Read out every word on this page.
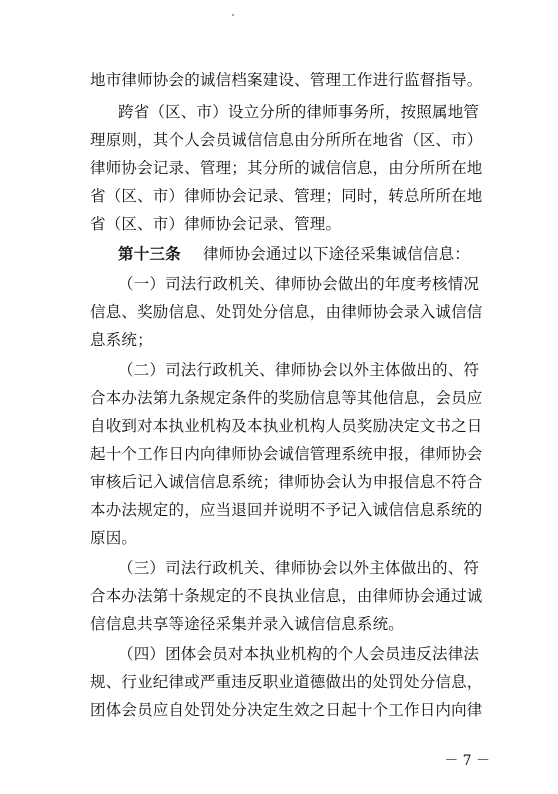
地市律师协会的诚信档案建设、管理工作进行监督指导。
跨省（区、市）设立分所的律师事务所，按照属地管
理原则，其个人会员诚信信息由分所所在地省（区、市）
律师协会记录、管理；其分所的诚信信息，由分所所在地
省（区、市）律师协会记录、管理；同时，转总所所在地
省（区、市）律师协会记录、管理。
第十三条 律师协会通过以下途径采集诚信信息：
（一）司法行政机关、律师协会做出的年度考核情况
信息、奖励信息、处罚处分信息，由律师协会录入诚信信
息系统；
（二）司法行政机关、律师协会以外主体做出的、符
合本办法第九条规定条件的奖励信息等其他信息，会员应
自收到对本执业机构及本执业机构人员奖励决定文书之日
起十个工作日内向律师协会诚信管理系统申报，律师协会
审核后记入诚信信息系统；律师协会认为申报信息不符合
本办法规定的，应当退回并说明不予记入诚信信息系统的
原因。
（三）司法行政机关、律师协会以外主体做出的、符
合本办法第十条规定的不良执业信息，由律师协会通过诚
信信息共享等途径采集并录入诚信信息系统。
（四）团体会员对本执业机构的个人会员违反法律法
规、行业纪律或严重违反职业道德做出的处罚处分信息，
团体会员应自处罚处分决定生效之日起十个工作日内向律
－ 7 －
